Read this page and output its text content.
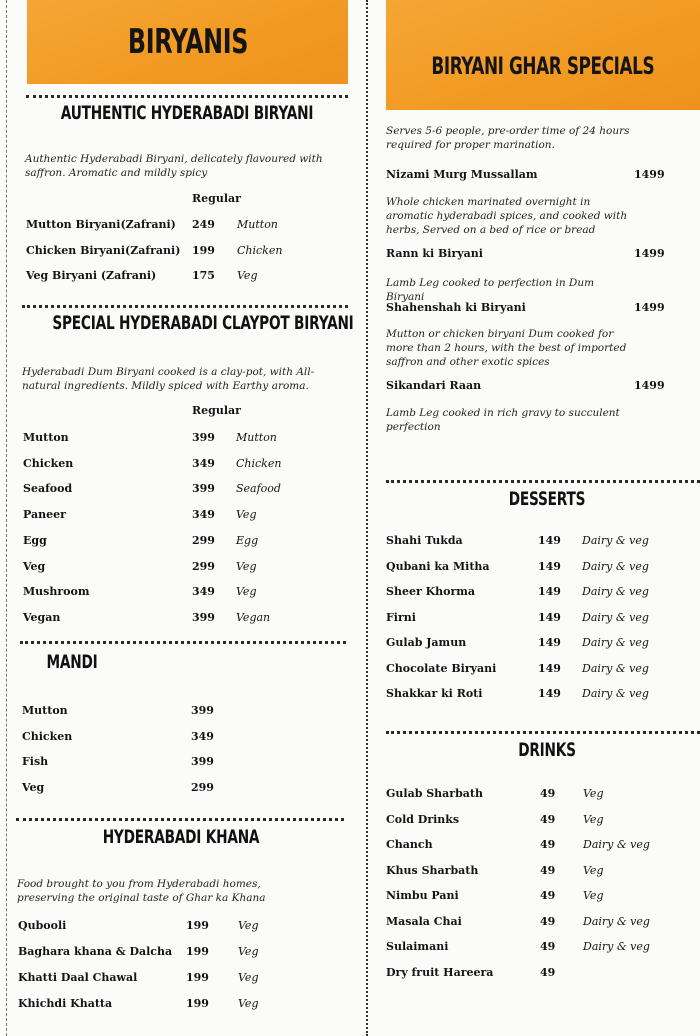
BIRYANIS
AUTHENTIC HYDERABADI BIRYANI
Authentic Hyderabadi Biryani, delicately flavoured with saffron. Aromatic and mildly spicy
Regular
Mutton Biryani(Zafrani) 249 Mutton
Chicken Biryani(Zafrani) 199 Chicken
Veg Biryani (Zafrani)	175 Veg
SPECIAL HYDERABADI CLAYPOT BIRYANI
Hyderabadi Dum Biryani cooked is a clay-pot, with All-natural ingredients. Mildly spiced with Earthy aroma.
Regular
Mutton	399 Mutton
Chicken	349 Chicken
Seafood	399 Seafood
Paneer	349 Veg
Egg	299 Egg
Veg	299 Veg
Mushroom	349 Veg
Vegan	399 Vegan
MANDI
Mutton	399
Chicken	349
Fish	399
Veg	299
HYDERABADI KHANA
Food brought to you from Hyderabadi homes, preserving the original taste of Ghar ka Khana
Qubooli	199	Veg
Baghara khana & Dalcha 199	Veg
Khatti Daal Chawal	199	Veg
Khichdi Khatta	199	Veg
BIRYANI GHAR SPECIALS
Serves 5-6 people, pre-order time of 24 hours required for proper marination.
Nizami Murg Mussallam	1499
Whole chicken marinated overnight in aromatic hyderabadi spices, and cooked with herbs, Served on a bed of rice or bread
Rann ki Biryani	1499
Lamb Leg cooked to perfection in Dum Biryani
Shahenshah ki Biryani	1499
Mutton or chicken biryani Dum cooked for more than 2 hours, with the best of imported saffron and other exotic spices
Sikandari Raan	1499
Lamb Leg cooked in rich gravy to succulent perfection
DESSERTS
Shahi Tukda	149 Dairy & veg
Qubani ka Mitha	149 Dairy & veg
Sheer Khorma	149 Dairy & veg
Firni	149 Dairy & veg
Gulab Jamun	149 Dairy & veg
Chocolate Biryani	149 Dairy & veg
Shakkar ki Roti	149 Dairy & veg
DRINKS
Gulab Sharbath	49	Veg
Cold Drinks	49	Veg
Chanch	49	Dairy & veg
Khus Sharbath	49	Veg
Nimbu Pani	49	Veg
Masala Chai	49	Dairy & veg
Sulaimani	49	Dairy & veg
Dry fruit Hareera	49
